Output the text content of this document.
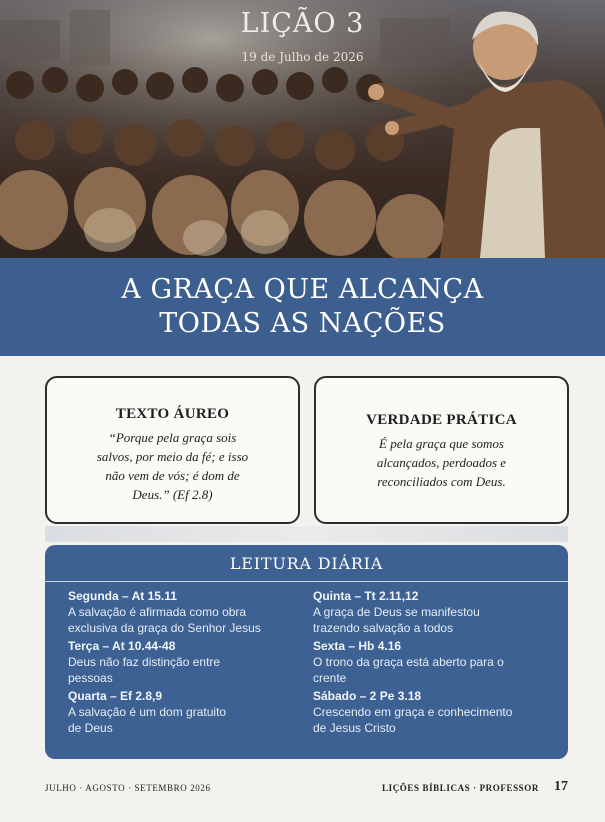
LIÇÃO 3
19 de Julho de 2026
A GRAÇA QUE ALCANÇA
TODAS AS NAÇÕES
TEXTO ÁUREO
“Porque pela graça sois
salvos, por meio da fé; e isso
não vem de vós; é dom de
Deus.” (Ef 2.8)
VERDADE PRÁTICA
É pela graça que somos
alcançados, perdoados e
reconciliados com Deus.
LEITURA DIÁRIA
Segunda – At 15.11
A salvação é afirmada como obra
exclusiva da graça do Senhor Jesus
Terça – At 10.44-48
Deus não faz distinção entre
pessoas
Quarta – Ef 2.8,9
A salvação é um dom gratuito
de Deus
Quinta – Tt 2.11,12
A graça de Deus se manifestou
trazendo salvação a todos
Sexta – Hb 4.16
O trono da graça está aberto para o
crente
Sábado – 2 Pe 3.18
Crescendo em graça e conhecimento
de Jesus Cristo
JULHO · AGOSTO · SETEMBRO 2026	LIÇÕES BÍBLICAS · PROFESSOR 17
